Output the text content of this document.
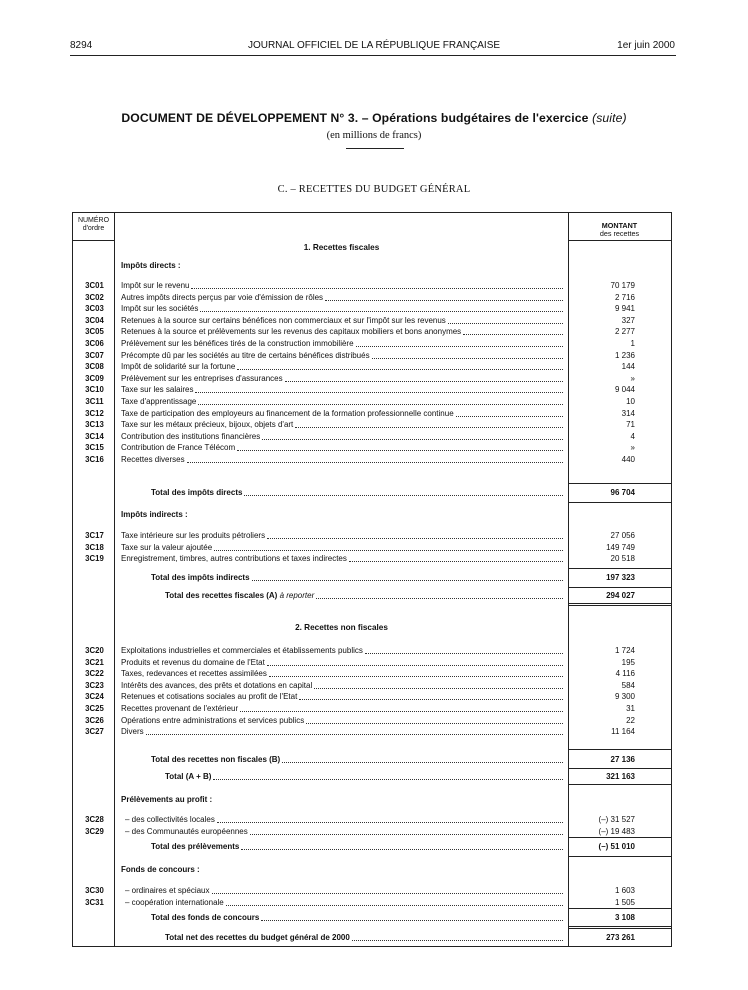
8294	JOURNAL OFFICIEL DE LA RÉPUBLIQUE FRANÇAISE	1er juin 2000
DOCUMENT DE DÉVELOPPEMENT N° 3. – Opérations budgétaires de l'exercice (suite)
(en millions de francs)
C. – RECETTES DU BUDGET GÉNÉRAL
NUMÉRO
d'ordre	MONTANT
des recettes
1. Recettes fiscales
Impôts directs :
3C01	Impôt sur le revenu	70 179
3C02	Autres impôts directs perçus par voie d'émission de rôles	2 716
3C03	Impôt sur les sociétés	9 941
3C04	Retenues à la source sur certains bénéfices non commerciaux et sur l'impôt sur les revenus	327
3C05	Retenues à la source et prélèvements sur les revenus des capitaux mobiliers et bons anonymes	2 277
3C06	Prélèvement sur les bénéfices tirés de la construction immobilière	1
3C07	Précompte dû par les sociétés au titre de certains bénéfices distribués	1 236
3C08	Impôt de solidarité sur la fortune	144
3C09	Prélèvement sur les entreprises d'assurances	»
3C10	Taxe sur les salaires	9 044
3C11	Taxe d'apprentissage	10
3C12	Taxe de participation des employeurs au financement de la formation professionnelle continue	314
3C13	Taxe sur les métaux précieux, bijoux, objets d'art	71
3C14	Contribution des institutions financières	4
3C15	Contribution de France Télécom	»
3C16	Recettes diverses	440
Total des impôts directs	96 704
Impôts indirects :
3C17	Taxe intérieure sur les produits pétroliers	27 056
3C18	Taxe sur la valeur ajoutée	149 749
3C19	Enregistrement, timbres, autres contributions et taxes indirectes	20 518
Total des impôts indirects	197 323
Total des recettes fiscales (A) à reporter	294 027
2. Recettes non fiscales
3C20	Exploitations industrielles et commerciales et établissements publics	1 724
3C21	Produits et revenus du domaine de l'Etat	195
3C22	Taxes, redevances et recettes assimilées	4 116
3C23	Intérêts des avances, des prêts et dotations en capital	584
3C24	Retenues et cotisations sociales au profit de l'Etat	9 300
3C25	Recettes provenant de l'extérieur	31
3C26	Opérations entre administrations et services publics	22
3C27	Divers	11 164
Total des recettes non fiscales (B)	27 136
Total (A + B)	321 163
Prélèvements au profit :
3C28	– des collectivités locales	(–) 31 527
3C29	– des Communautés européennes	(–) 19 483
Total des prélèvements	(–) 51 010
Fonds de concours :
3C30	– ordinaires et spéciaux	1 603
3C31	– coopération internationale	1 505
Total des fonds de concours	3 108
Total net des recettes du budget général de 2000	273 261
